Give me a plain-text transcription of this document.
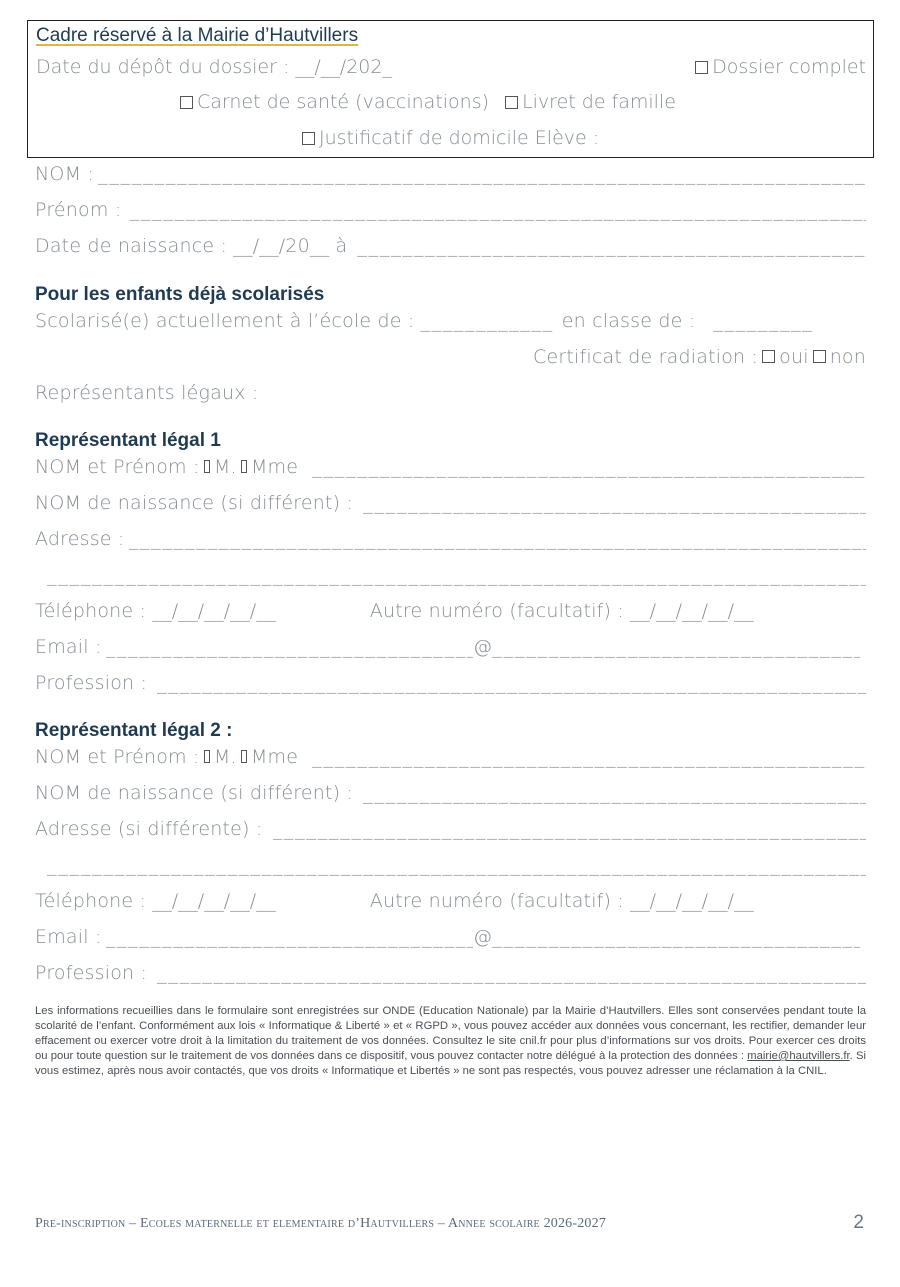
Cadre réservé à la Mairie d’Hautvillers
Date du dépôt du dossier : __/__/202_	Dossier complet
Carnet de santé (vaccinations) Livret de famille
Justificatif de domicile Elève :
NOM :
_____
Prénom :
_____
Date de naissance : __/__/20__ à
_____
Pour les enfants déjà scolarisés
Scolarisé(e) actuellement à l’école de : ____________ en classe de : _________
Certificat de radiation : oui non
Représentants légaux :
Représentant légal 1
NOM et Prénom : M. Mme
_____
NOM de naissance (si différent) :
_____
Adresse :
_____
_____
Téléphone : __/__/__/__/__	Autre numéro (facultatif) : __/__/__/__/__
Email : _____	@
_____
Profession :
_____
Représentant légal 2 :
NOM et Prénom : M. Mme
_____
NOM de naissance (si différent) :
_____
Adresse (si différente) :
_____
_____
Téléphone : __/__/__/__/__	Autre numéro (facultatif) : __/__/__/__/__
Email : _____	@
_____
Profession :
_____
Les informations recueillies dans le formulaire sont enregistrées sur ONDE (Education Nationale) par la Mairie d’Hautvillers. Elles sont conservées pendant toute la scolarité de l’enfant. Conformément aux lois « Informatique & Liberté » et « RGPD », vous pouvez accéder aux données vous concernant, les rectifier, demander leur effacement ou exercer votre droit à la limitation du traitement de vos données. Consultez le site cnil.fr pour plus d’informations sur vos droits. Pour exercer ces droits ou pour toute question sur le traitement de vos données dans ce dispositif, vous pouvez contacter notre délégué à la protection des données : mairie@hautvillers.fr. Si vous estimez, après nous avoir contactés, que vos droits « Informatique et Libertés » ne sont pas respectés, vous pouvez adresser une réclamation à la CNIL.
Pre-inscription – Ecoles maternelle et elementaire d’Hautvillers – Annee scolaire 2026-2027	2
